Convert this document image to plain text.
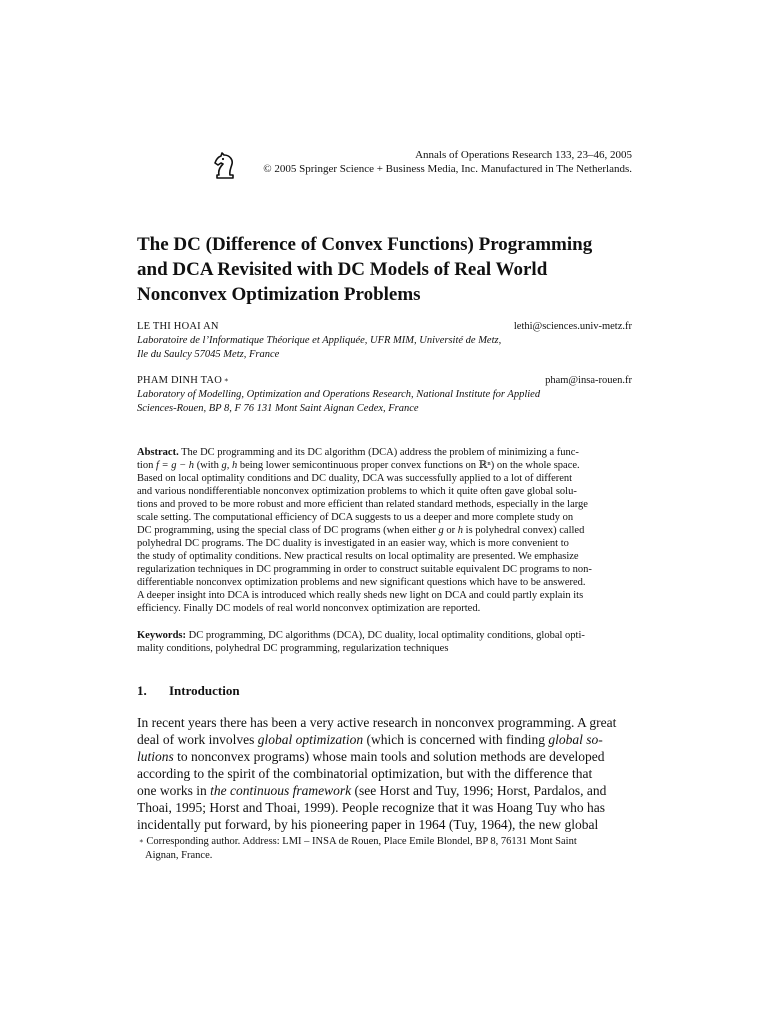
Annals of Operations Research 133, 23–46, 2005
© 2005 Springer Science + Business Media, Inc. Manufactured in The Netherlands.
The DC (Difference of Convex Functions) Programming
and DCA Revisited with DC Models of Real World
Nonconvex Optimization Problems
LE THI HOAI AN	lethi@sciences.univ-metz.fr
Laboratoire de l’Informatique Théorique et Appliquée, UFR MIM, Université de Metz,
Ile du Saulcy 57045 Metz, France
PHAM DINH TAO ∗	pham@insa-rouen.fr
Laboratory of Modelling, Optimization and Operations Research, National Institute for Applied
Sciences-Rouen, BP 8, F 76 131 Mont Saint Aignan Cedex, France
Abstract. The DC programming and its DC algorithm (DCA) address the problem of minimizing a func-
tion f = g − h (with g, h being lower semicontinuous proper convex functions on ℝⁿ) on the whole space.
Based on local optimality conditions and DC duality, DCA was successfully applied to a lot of different
and various nondifferentiable nonconvex optimization problems to which it quite often gave global solu-
tions and proved to be more robust and more efficient than related standard methods, especially in the large
scale setting. The computational efficiency of DCA suggests to us a deeper and more complete study on
DC programming, using the special class of DC programs (when either g or h is polyhedral convex) called
polyhedral DC programs. The DC duality is investigated in an easier way, which is more convenient to
the study of optimality conditions. New practical results on local optimality are presented. We emphasize
regularization techniques in DC programming in order to construct suitable equivalent DC programs to non-
differentiable nonconvex optimization problems and new significant questions which have to be answered.
A deeper insight into DCA is introduced which really sheds new light on DCA and could partly explain its
efficiency. Finally DC models of real world nonconvex optimization are reported.
Keywords: DC programming, DC algorithms (DCA), DC duality, local optimality conditions, global opti-
mality conditions, polyhedral DC programming, regularization techniques
1. Introduction
In recent years there has been a very active research in nonconvex programming. A great
deal of work involves global optimization (which is concerned with finding global so-
lutions to nonconvex programs) whose main tools and solution methods are developed
according to the spirit of the combinatorial optimization, but with the difference that
one works in the continuous framework (see Horst and Tuy, 1996; Horst, Pardalos, and
Thoai, 1995; Horst and Thoai, 1999). People recognize that it was Hoang Tuy who has
incidentally put forward, by his pioneering paper in 1964 (Tuy, 1964), the new global
∗ Corresponding author. Address: LMI – INSA de Rouen, Place Emile Blondel, BP 8, 76131 Mont Saint
Aignan, France.
